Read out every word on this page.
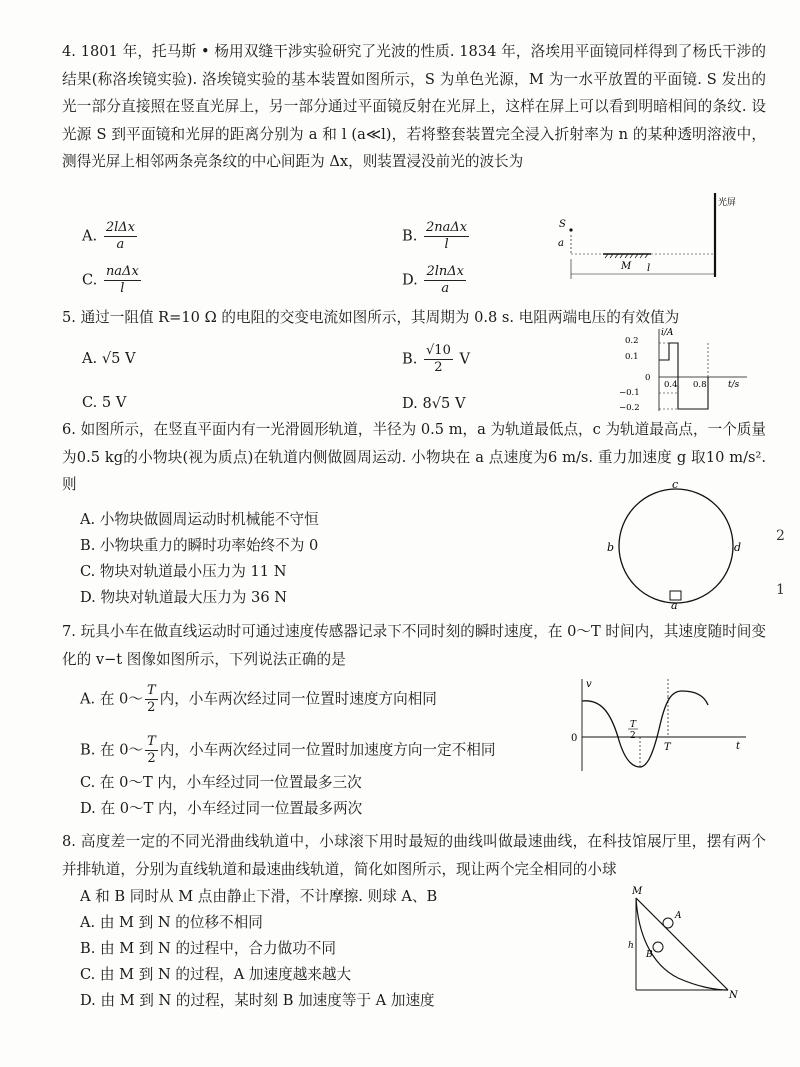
4. 1801 年，托马斯 • 杨用双缝干涉实验研究了光波的性质. 1834 年，洛埃用平面镜同样得到了杨氏干涉的结果(称洛埃镜实验). 洛埃镜实验的基本装置如图所示，S 为单色光源，M 为一水平放置的平面镜. S 发出的光一部分直接照在竖直光屏上，另一部分通过平面镜反射在光屏上，这样在屏上可以看到明暗相间的条纹. 设光源 S 到平面镜和光屏的距离分别为 a 和 l (a≪l)，若将整套装置完全浸入折射率为 n 的某种透明溶液中，测得光屏上相邻两条亮条纹的中心间距为 Δx，则装置浸没前光的波长为

A. $\frac{\text{2lΔx}}{a}$	B. $\frac{\text{2naΔx}}{l}$
C. $\frac{\text{naΔx}}{l}$	D. $\frac{2\ln\Delta x}{a}$
光屏
S
a
M l

5. 通过一阻值 R=10 Ω 的电阻的交变电流如图所示，其周期为 0.8 s. 电阻两端电压的有效值为

A. √5 V	B. $\frac{√10}{2}$ V
C. 5 V	D. 8√5 V
i/A
t/s
0.2
0.1
0
−0.1
−0.2
0.4 0.8

6. 如图所示，在竖直平面内有一光滑圆形轨道，半径为 0.5 m，a 为轨道最低点，c 为轨道最高点，一个质量为0.5 kg的小物块(视为质点)在轨道内侧做圆周运动. 小物块在 a 点速度为6 m/s. 重力加速度 g 取10 m/s². 则

A. 小物块做圆周运动时机械能不守恒

B. 小物块重力的瞬时功率始终不为 0

C. 物块对轨道最小压力为 11 N

D. 物块对轨道最大压力为 36 N

c
b	d
a

7. 玩具小车在做直线运动时可通过速度传感器记录下不同时刻的瞬时速度，在 0～T 时间内，其速度随时间变化的 v−t 图像如图所示，下列说法正确的是

A. 在 0～ $\frac{T}{2}$ 内，小车两次经过同一位置时速度方向相同
B. 在 0～ $\frac{T}{2}$ 内，小车两次经过同一位置时加速度方向一定不相同

C. 在 0～T 内，小车经过同一位置最多三次

D. 在 0～T 内，小车经过同一位置最多两次

v
t
0
T
2
T

8. 高度差一定的不同光滑曲线轨道中，小球滚下用时最短的曲线叫做最速曲线，在科技馆展厅里，摆有两个并排轨道，分别为直线轨道和最速曲线轨道，简化如图所示，现让两个完全相同的小球

A 和 B 同时从 M 点由静止下滑，不计摩擦. 则球 A、B

A. 由 M 到 N 的位移不相同

B. 由 M 到 N 的过程中，合力做功不同

C. 由 M 到 N 的过程，A 加速度越来越大

D. 由 M 到 N 的过程，某时刻 B 加速度等于 A 加速度

M
A
B
h
N
2
1
